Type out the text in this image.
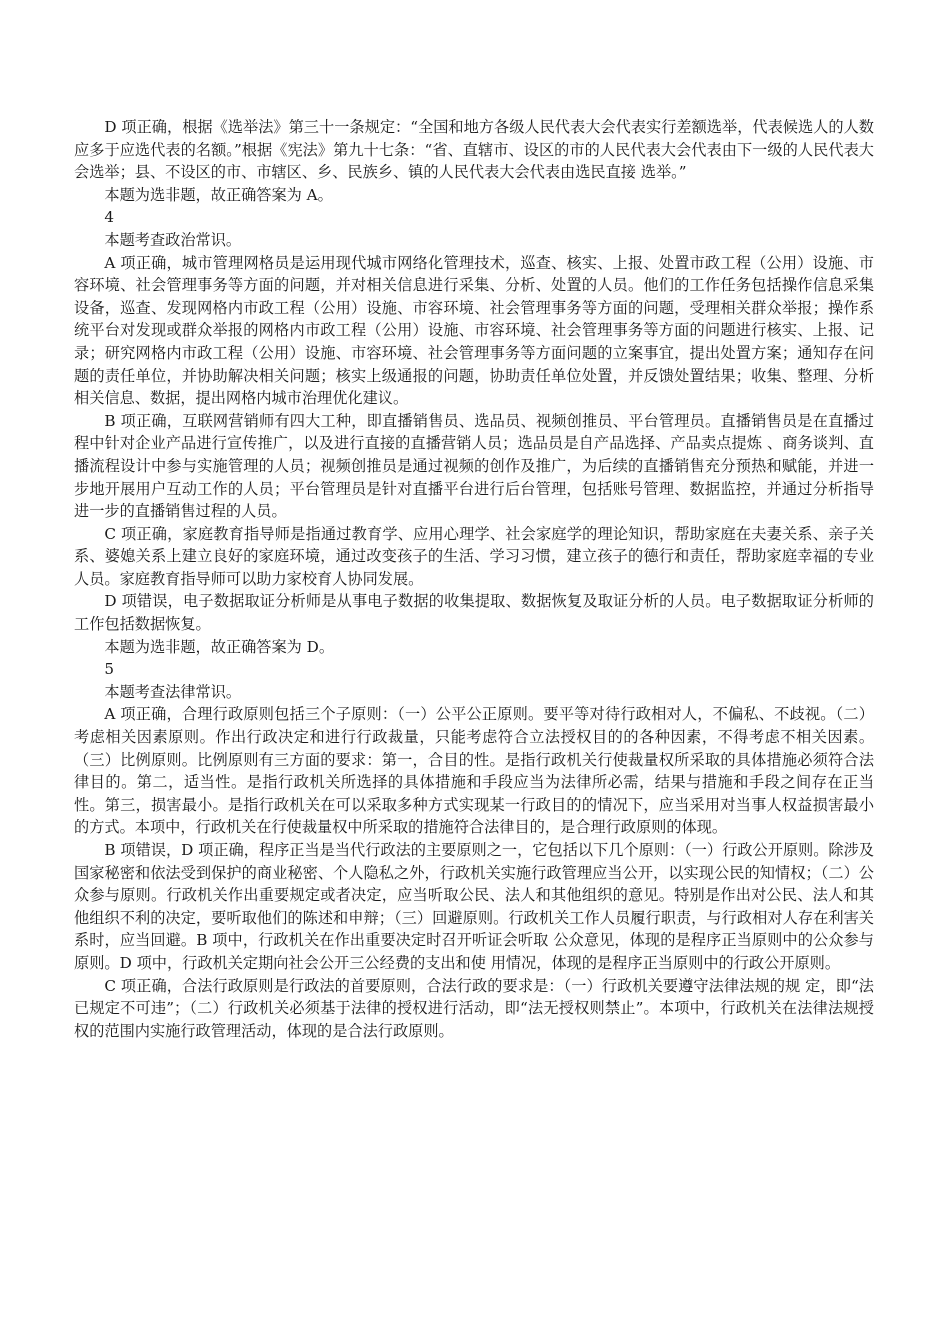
D 项正确，根据《选举法》第三十一条规定：“全国和地方各级人民代表大会代表实行差额选举，代表候选人的人数应多于应选代表的名额。”根据《宪法》第九十七条：“省、直辖市、设区的市的人民代表大会代表由下一级的人民代表大会选举；县、不设区的市、市辖区、乡、民族乡、镇的人民代表大会代表由选民直接 选举。”

本题为选非题，故正确答案为 A。

4

本题考查政治常识。

A 项正确，城市管理网格员是运用现代城市网络化管理技术，巡查、核实、上报、处置市政工程（公用）设施、市容环境、社会管理事务等方面的问题，并对相关信息进行采集、分析、处置的人员。他们的工作任务包括操作信息采集设备，巡查、发现网格内市政工程（公用）设施、市容环境、社会管理事务等方面的问题，受理相关群众举报；操作系统平台对发现或群众举报的网格内市政工程（公用）设施、市容环境、社会管理事务等方面的问题进行核实、上报、记录；研究网格内市政工程（公用）设施、市容环境、社会管理事务等方面问题的立案事宜，提出处置方案；通知存在问题的责任单位，并协助解决相关问题；核实上级通报的问题，协助责任单位处置，并反馈处置结果；收集、整理、分析相关信息、数据，提出网格内城市治理优化建议。

B 项正确，互联网营销师有四大工种，即直播销售员、选品员、视频创推员、平台管理员。直播销售员是在直播过程中针对企业产品进行宣传推广，以及进行直接的直播营销人员；选品员是自产品选择、产品卖点提炼 、商务谈判、直播流程设计中参与实施管理的人员；视频创推员是通过视频的创作及推广，为后续的直播销售充分预热和赋能，并进一步地开展用户互动工作的人员；平台管理员是针对直播平台进行后台管理，包括账号管理、数据监控，并通过分析指导进一步的直播销售过程的人员。

C 项正确，家庭教育指导师是指通过教育学、应用心理学、社会家庭学的理论知识，帮助家庭在夫妻关系、亲子关系、婆媳关系上建立良好的家庭环境，通过改变孩子的生活、学习习惯，建立孩子的德行和责任，帮助家庭幸福的专业人员。家庭教育指导师可以助力家校育人协同发展。

D 项错误，电子数据取证分析师是从事电子数据的收集提取、数据恢复及取证分析的人员。电子数据取证分析师的工作包括数据恢复。

本题为选非题，故正确答案为 D。

5

本题考查法律常识。

A 项正确，合理行政原则包括三个子原则：（一）公平公正原则。要平等对待行政相对人，不偏私、不歧视。（二）考虑相关因素原则。作出行政决定和进行行政裁量，只能考虑符合立法授权目的的各种因素，不得考虑不相关因素。（三）比例原则。比例原则有三方面的要求：第一，合目的性。是指行政机关行使裁量权所采取的具体措施必须符合法律目的。第二，适当性。是指行政机关所选择的具体措施和手段应当为法律所必需，结果与措施和手段之间存在正当性。第三，损害最小。是指行政机关在可以采取多种方式实现某一行政目的的情况下，应当采用对当事人权益损害最小的方式。本项中，行政机关在行使裁量权中所采取的措施符合法律目的，是合理行政原则的体现。

B 项错误，D 项正确，程序正当是当代行政法的主要原则之一，它包括以下几个原则：（一）行政公开原则。除涉及国家秘密和依法受到保护的商业秘密、个人隐私之外，行政机关实施行政管理应当公开，以实现公民的知情权；（二）公众参与原则。行政机关作出重要规定或者决定，应当听取公民、法人和其他组织的意见。特别是作出对公民、法人和其他组织不利的决定，要听取他们的陈述和申辩；（三）回避原则。行政机关工作人员履行职责，与行政相对人存在利害关系时，应当回避。B 项中，行政机关在作出重要决定时召开听证会听取 公众意见，体现的是程序正当原则中的公众参与原则。D 项中，行政机关定期向社会公开三公经费的支出和使 用情况，体现的是程序正当原则中的行政公开原则。

C 项正确，合法行政原则是行政法的首要原则，合法行政的要求是：（一）行政机关要遵守法律法规的规 定，即“法已规定不可违”；（二）行政机关必须基于法律的授权进行活动，即“法无授权则禁止”。本项中，行政机关在法律法规授权的范围内实施行政管理活动，体现的是合法行政原则。
